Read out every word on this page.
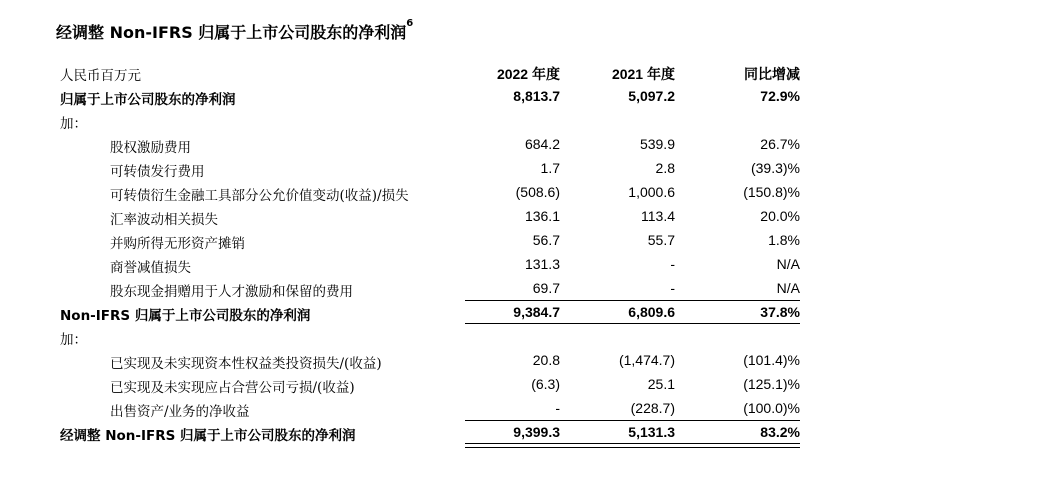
经调整 Non-IFRS 归属于上市公司股东的净利润$^6$
人民币百万元	2022 年度	2021 年度	同比增减
归属于上市公司股东的净利润	8,813.7	5,097.2	72.9%
加：
股权激励费用	684.2	539.9	26.7%
可转债发行费用	1.7	2.8	(39.3)%
可转债衍生金融工具部分公允价值变动(收益)/损失	(508.6)	1,000.6	(150.8)%
汇率波动相关损失	136.1	113.4	20.0%
并购所得无形资产摊销	56.7	55.7	1.8%
商誉减值损失	131.3	-	N/A
股东现金捐赠用于人才激励和保留的费用	69.7	-	N/A
Non-IFRS 归属于上市公司股东的净利润	9,384.7	6,809.6	37.8%
加：
已实现及未实现资本性权益类投资损失/(收益)	20.8	(1,474.7)	(101.4)%
已实现及未实现应占合营公司亏损/(收益)	(6.3)	25.1	(125.1)%
出售资产/业务的净收益	-	(228.7)	(100.0)%
经调整 Non-IFRS 归属于上市公司股东的净利润	9,399.3	5,131.3	83.2%
